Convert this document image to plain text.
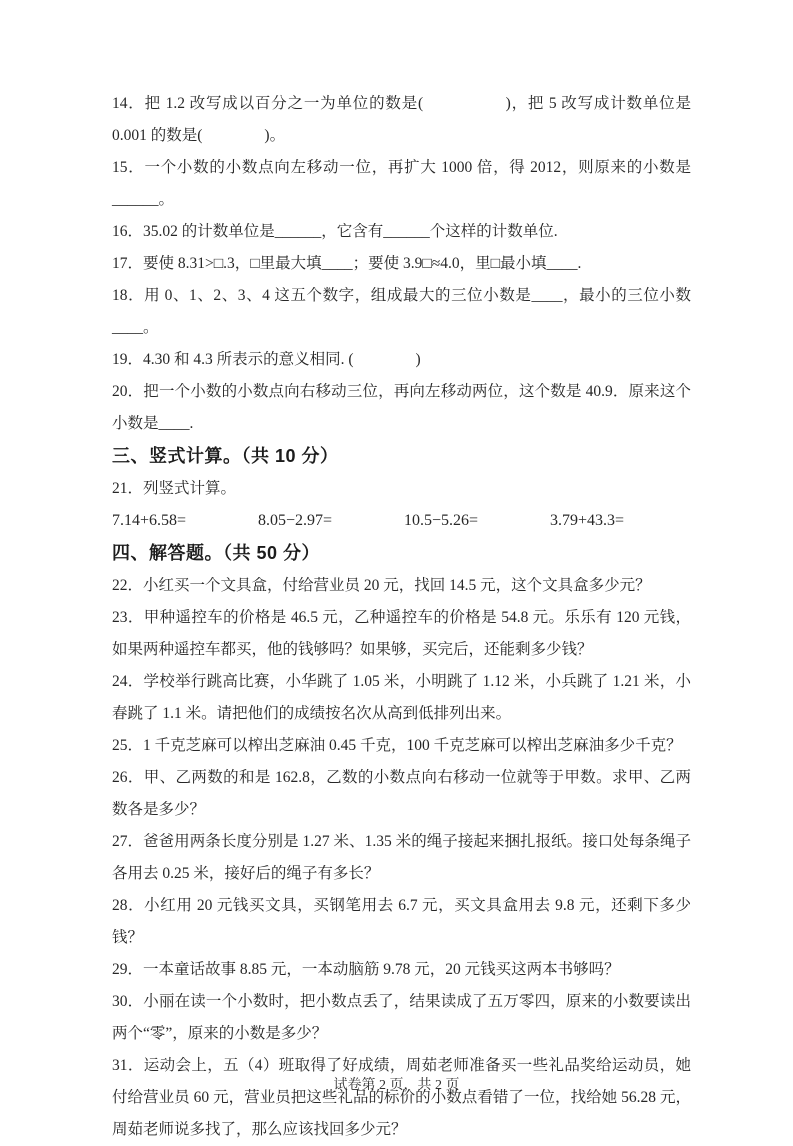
14．把 1.2 改写成以百分之一为单位的数是(　　　　　)，把 5 改写成计数单位是 0.001 的数是(　　　　)。

15．一个小数的小数点向左移动一位，再扩大 1000 倍，得 2012，则原来的小数是______。

16．35.02 的计数单位是______，它含有______个这样的计数单位.

17．要使 8.31>□.3，□里最大填____；要使 3.9□≈4.0，里□最小填____.

18．用 0、1、2、3、4 这五个数字，组成最大的三位小数是____，最小的三位小数____。

19．4.30 和 4.3 所表示的意义相同. (　　　　)

20．把一个小数的小数点向右移动三位，再向左移动两位，这个数是 40.9．原来这个小数是____.

三、竖式计算。（共 10 分）

21．列竖式计算。

7.14+6.58=	8.05−2.97=	10.5−5.26=	3.79+43.3=
四、解答题。（共 50 分）

22．小红买一个文具盒，付给营业员 20 元，找回 14.5 元，这个文具盒多少元？

23．甲种遥控车的价格是 46.5 元，乙种遥控车的价格是 54.8 元。乐乐有 120 元钱，如果两种遥控车都买，他的钱够吗？如果够，买完后，还能剩多少钱？

24．学校举行跳高比赛，小华跳了 1.05 米，小明跳了 1.12 米，小兵跳了 1.21 米，小春跳了 1.1 米。请把他们的成绩按名次从高到低排列出来。

25．1 千克芝麻可以榨出芝麻油 0.45 千克，100 千克芝麻可以榨出芝麻油多少千克？

26．甲、乙两数的和是 162.8，乙数的小数点向右移动一位就等于甲数。求甲、乙两数各是多少？

27．爸爸用两条长度分别是 1.27 米、1.35 米的绳子接起来捆扎报纸。接口处每条绳子各用去 0.25 米，接好后的绳子有多长？

28．小红用 20 元钱买文具，买钢笔用去 6.7 元，买文具盒用去 9.8 元，还剩下多少钱？

29．一本童话故事 8.85 元，一本动脑筋 9.78 元，20 元钱买这两本书够吗？

30．小丽在读一个小数时，把小数点丢了，结果读成了五万零四，原来的小数要读出两个“零”，原来的小数是多少？

31．运动会上，五（4）班取得了好成绩，周茹老师准备买一些礼品奖给运动员，她付给营业员 60 元，营业员把这些礼品的标价的小数点看错了一位，找给她 56.28 元，周茹老师说多找了，那么应该找回多少元？

试卷第 2 页，共 2 页
